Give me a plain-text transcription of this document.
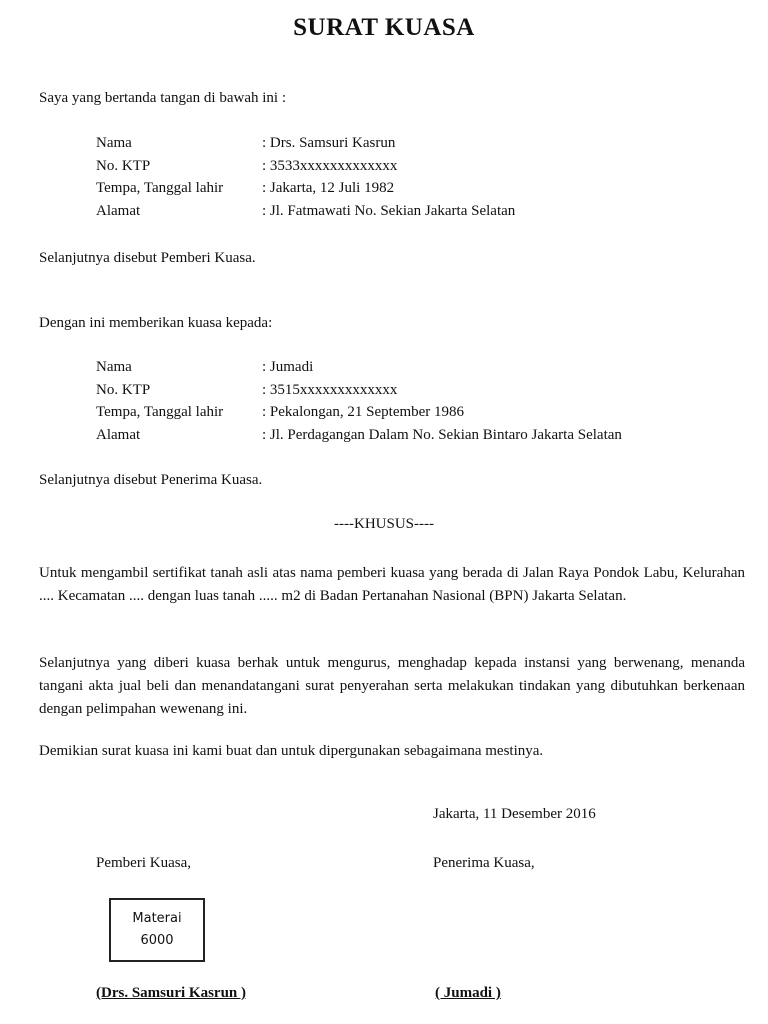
SURAT KUASA
Saya yang bertanda tangan di bawah ini :
Nama	: Drs. Samsuri Kasrun
No. KTP	: 3533xxxxxxxxxxxxx
Tempa, Tanggal lahir	: Jakarta, 12 Juli 1982
Alamat	: Jl. Fatmawati No. Sekian Jakarta Selatan
Selanjutnya disebut Pemberi Kuasa.
Dengan ini memberikan kuasa kepada:
Nama	: Jumadi
No. KTP	: 3515xxxxxxxxxxxxx
Tempa, Tanggal lahir	: Pekalongan, 21 September 1986
Alamat	: Jl. Perdagangan Dalam No. Sekian Bintaro Jakarta Selatan
Selanjutnya disebut Penerima Kuasa.
----KHUSUS----
Untuk mengambil sertifikat tanah asli atas nama pemberi kuasa yang berada di Jalan Raya Pondok Labu, Kelurahan .... Kecamatan .... dengan luas tanah ..... m2 di Badan Pertanahan Nasional (BPN) Jakarta Selatan.
Selanjutnya yang diberi kuasa berhak untuk mengurus, menghadap kepada instansi yang berwenang, menanda tangani akta jual beli dan menandatangani surat penyerahan serta melakukan tindakan yang dibutuhkan berkenaan dengan pelimpahan wewenang ini.
Demikian surat kuasa ini kami buat dan untuk dipergunakan sebagaimana mestinya.
Jakarta, 11 Desember 2016
Pemberi Kuasa,	Penerima Kuasa,
Materai
6000
(Drs. Samsuri Kasrun )	( Jumadi )
